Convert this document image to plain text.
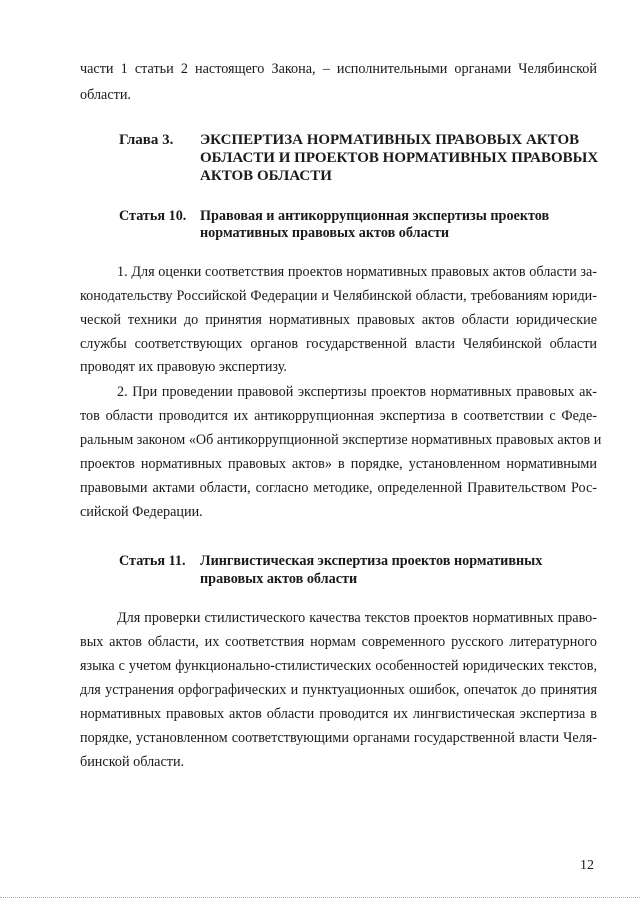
части 1 статьи 2 настоящего Закона, – исполнительными органами Челябинской
области.
Глава 3. ЭКСПЕРТИЗА НОРМАТИВНЫХ ПРАВОВЫХ АКТОВ
ОБЛАСТИ И ПРОЕКТОВ НОРМАТИВНЫХ ПРАВОВЫХ
АКТОВ ОБЛАСТИ
Статья 10. Правовая и антикоррупционная экспертизы проектов
нормативных правовых актов области
1. Для оценки соответствия проектов нормативных правовых актов области за-
конодательству Российской Федерации и Челябинской области, требованиям юриди-
ческой техники до принятия нормативных правовых актов области юридические
службы соответствующих органов государственной власти Челябинской области
проводят их правовую экспертизу.
2. При проведении правовой экспертизы проектов нормативных правовых ак-
тов области проводится их антикоррупционная экспертиза в соответствии с Феде-
ральным законом «Об антикоррупционной экспертизе нормативных правовых актов и
проектов нормативных правовых актов» в порядке, установленном нормативными
правовыми актами области, согласно методике, определенной Правительством Рос-
сийской Федерации.
Статья 11. Лингвистическая экспертиза проектов нормативных
правовых актов области
Для проверки стилистического качества текстов проектов нормативных право-
вых актов области, их соответствия нормам современного русского литературного
языка с учетом функционально-стилистических особенностей юридических текстов,
для устранения орфографических и пунктуационных ошибок, опечаток до принятия
нормативных правовых актов области проводится их лингвистическая экспертиза в
порядке, установленном соответствующими органами государственной власти Челя-
бинской области.
12
